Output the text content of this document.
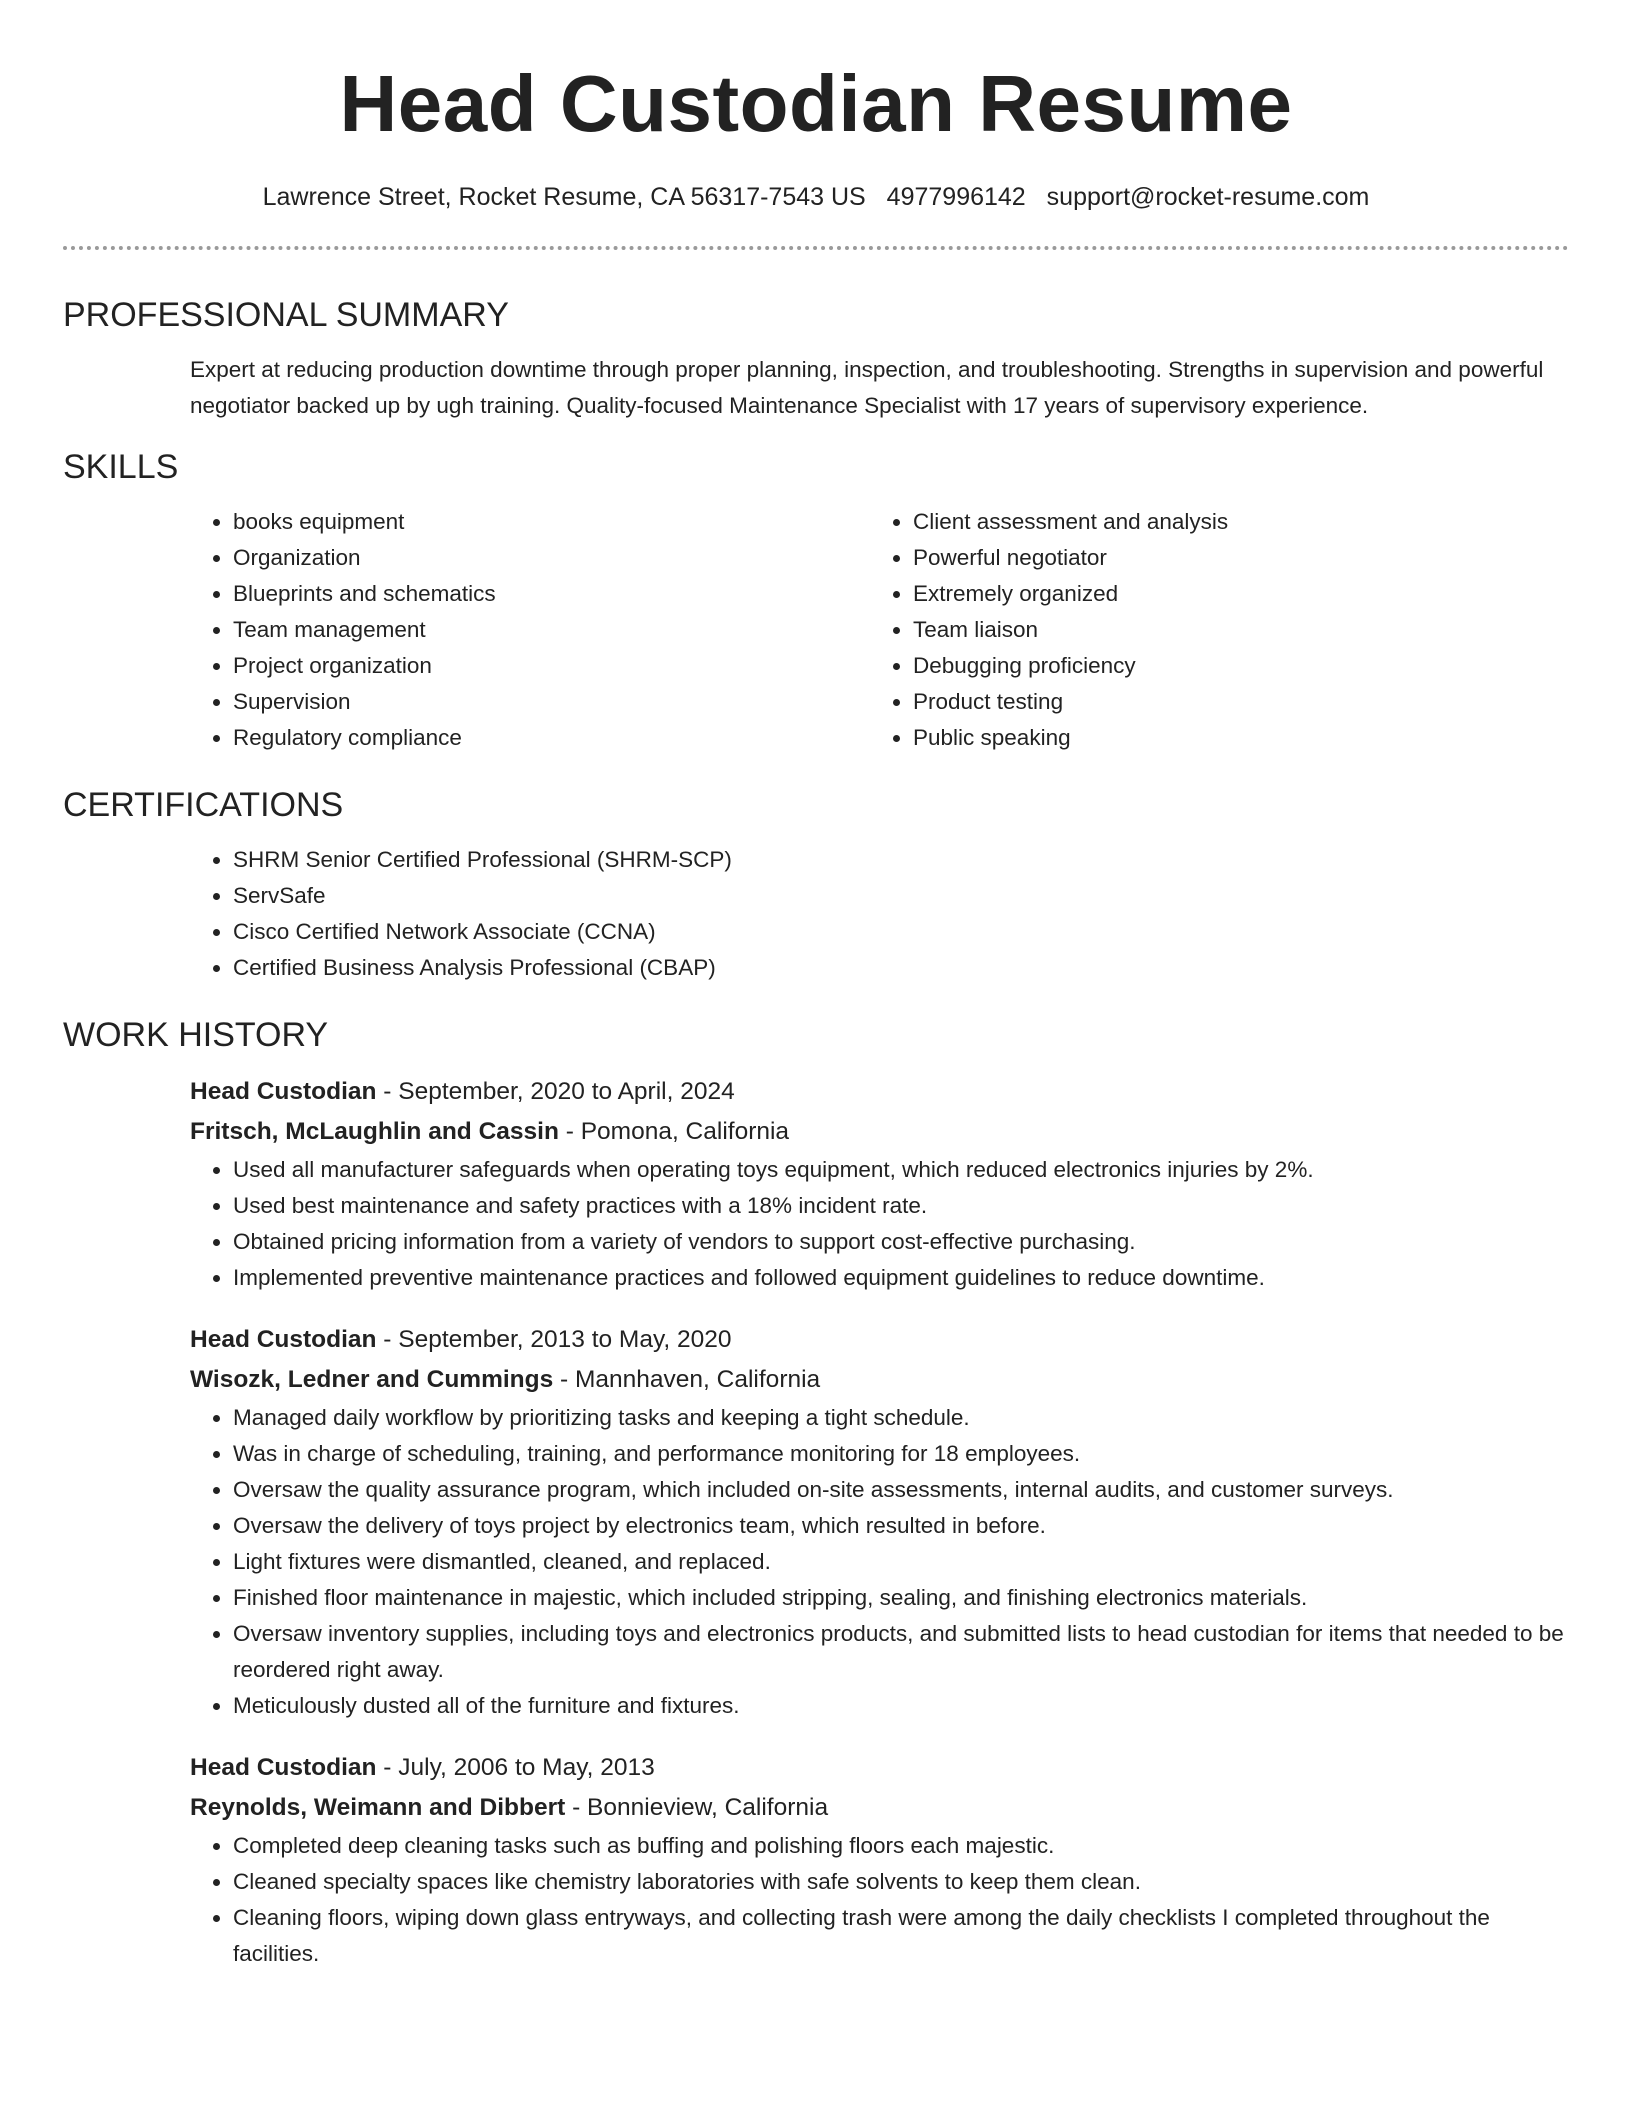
Head Custodian Resume
Lawrence Street, Rocket Resume, CA 56317-7543 US 4977996142 support@rocket-resume.com
PROFESSIONAL SUMMARY

Expert at reducing production downtime through proper planning, inspection, and troubleshooting. Strengths in supervision and powerful negotiator backed up by ugh training. Quality-focused Maintenance Specialist with 17 years of supervisory experience.

SKILLS
• books equipment
• Organization
• Blueprints and schematics
• Team management
• Project organization
• Supervision
• Regulatory compliance
• Client assessment and analysis
• Powerful negotiator
• Extremely organized
• Team liaison
• Debugging proficiency
• Product testing
• Public speaking
CERTIFICATIONS
• SHRM Senior Certified Professional (SHRM-SCP)
• ServSafe
• Cisco Certified Network Associate (CCNA)
• Certified Business Analysis Professional (CBAP)
WORK HISTORY
Head Custodian - September, 2020 to April, 2024
Fritsch, McLaughlin and Cassin - Pomona, California
• Used all manufacturer safeguards when operating toys equipment, which reduced electronics injuries by 2%.
• Used best maintenance and safety practices with a 18% incident rate.
• Obtained pricing information from a variety of vendors to support cost-effective purchasing.
• Implemented preventive maintenance practices and followed equipment guidelines to reduce downtime.
Head Custodian - September, 2013 to May, 2020
Wisozk, Ledner and Cummings - Mannhaven, California
• Managed daily workflow by prioritizing tasks and keeping a tight schedule.
• Was in charge of scheduling, training, and performance monitoring for 18 employees.
• Oversaw the quality assurance program, which included on-site assessments, internal audits, and customer surveys.
• Oversaw the delivery of toys project by electronics team, which resulted in before.
• Light fixtures were dismantled, cleaned, and replaced.
• Finished floor maintenance in majestic, which included stripping, sealing, and finishing electronics materials.
• Oversaw inventory supplies, including toys and electronics products, and submitted lists to head custodian for items that needed to be reordered right away.
• Meticulously dusted all of the furniture and fixtures.
Head Custodian - July, 2006 to May, 2013
Reynolds, Weimann and Dibbert - Bonnieview, California
• Completed deep cleaning tasks such as buffing and polishing floors each majestic.
• Cleaned specialty spaces like chemistry laboratories with safe solvents to keep them clean.
• Cleaning floors, wiping down glass entryways, and collecting trash were among the daily checklists I completed throughout the facilities.
